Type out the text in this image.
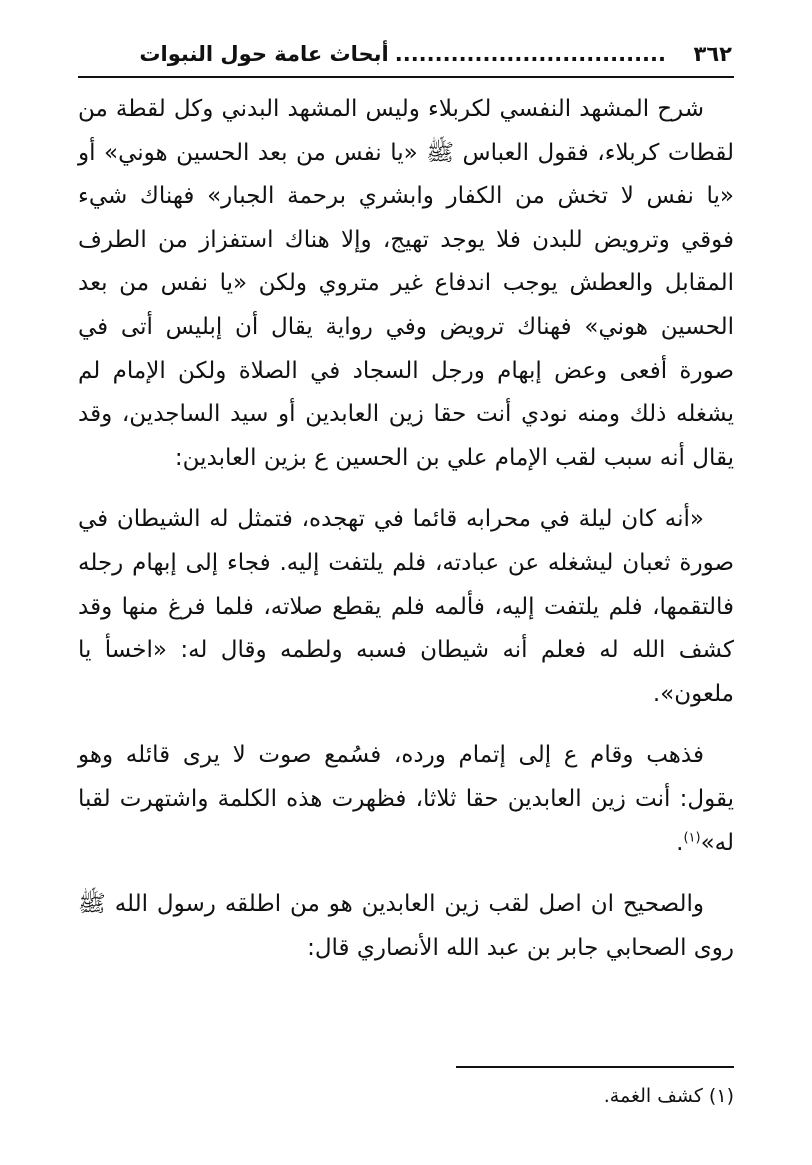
٣٦٢
..... أبحاث عامة حول النبوات

شرح المشهد النفسي لكربلاء وليس المشهد البدني وكل لقطة من لقطات كربلاء، فقول العباس ﷺ «يا نفس من بعد الحسين هوني» أو «يا نفس لا تخش من الكفار وابشري برحمة الجبار» فهناك شيء فوقي وترويض للبدن فلا يوجد تهيج، وإلا هناك استفزاز من الطرف المقابل والعطش يوجب اندفاع غير متروي ولكن «يا نفس من بعد الحسين هوني» فهناك ترويض وفي رواية يقال أن إبليس أتى في صورة أفعى وعض إبهام ورجل السجاد في الصلاة ولكن الإمام لم يشغله ذلك ومنه نودي أنت حقا زين العابدين أو سيد الساجدين، وقد يقال أنه سبب لقب الإمام علي بن الحسين ع بزين العابدين:

«أنه كان ليلة في محرابه قائما في تهجده، فتمثل له الشيطان في صورة ثعبان ليشغله عن عبادته، فلم يلتفت إليه. فجاء إلى إبهام رجله فالتقمها، فلم يلتفت إليه، فألمه فلم يقطع صلاته، فلما فرغ منها وقد كشف الله له فعلم أنه شيطان فسبه ولطمه وقال له: «اخسأ يا ملعون».

فذهب وقام ع إلى إتمام ورده، فسُمع صوت لا يرى قائله وهو يقول: أنت زين العابدين حقا ثلاثا، فظهرت هذه الكلمة واشتهرت لقبا له»$^{(١)}$.

والصحيح ان اصل لقب زين العابدين هو من اطلقه رسول الله ﷺ روى الصحابي جابر بن عبد الله الأنصاري قال:

(١) كشف الغمة.
